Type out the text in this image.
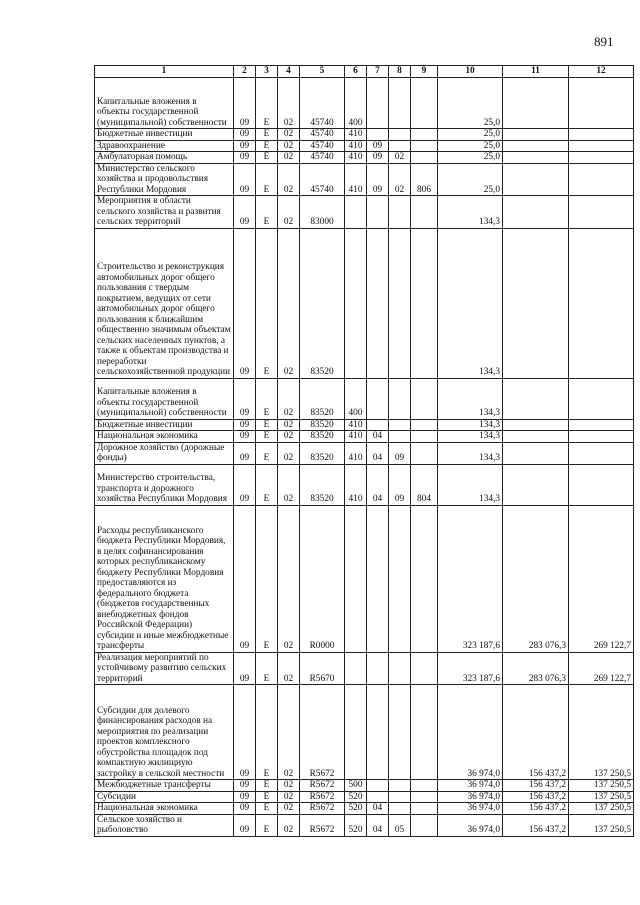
891
1	2	3	4	5	6	7	8	9	10	11	12
Капитальные вложения в объекты государственной (муниципальной) собственности	09	Е	02	45740	400				25,0		
Бюджетные инвестиции	09	Е	02	45740	410				25,0		
Здравоохранение	09	Е	02	45740	410	09			25,0		
Амбулаторная помощь	09	Е	02	45740	410	09	02		25,0		
Министерство сельского хозяйства и продовольствия Республики Мордовия	09	Е	02	45740	410	09	02	806	25,0		
Мероприятия в области сельского хозяйства и развития сельских территорий	09	Е	02	83000					134,3		
Строительство и реконструкция автомобильных дорог общего пользования с твердым покрытием, ведущих от сети автомобильных дорог общего пользования к ближайшим общественно значимым объектам сельских населенных пунктов, а также к объектам производства и переработки сельскохозяйственной продукции	09	Е	02	83520					134,3		
Капитальные вложения в объекты государственной (муниципальной) собственности	09	Е	02	83520	400				134,3		
Бюджетные инвестиции	09	Е	02	83520	410				134,3		
Национальная экономика	09	Е	02	83520	410	04			134,3		
Дорожное хозяйство (дорожные фонды)	09	Е	02	83520	410	04	09		134,3		
Министерство строительства, транспорта и дорожного хозяйства Республики Мордовия	09	Е	02	83520	410	04	09	804	134,3		
Расходы республиканского бюджета Республики Мордовия, в целях софинансирования которых республиканскому бюджету Республики Мордовия предоставляются из федерального бюджета (бюджетов государственных внебюджетных фондов Российской Федерации) субсидии и иные межбюджетные трансферты	09	Е	02	R0000					323 187,6	283 076,3	269 122,7
Реализация мероприятий по устойчивому развитию сельских территорий	09	Е	02	R5670					323 187,6	283 076,3	269 122,7
Субсидии для долевого финансирования расходов на мероприятия по реализации проектов комплексного обустройства площадок под компактную жилищную застройку в сельской местности	09	Е	02	R5672					36 974,0	156 437,2	137 250,5
Межбюджетные трансферты	09	Е	02	R5672	500				36 974,0	156 437,2	137 250,5
Субсидии	09	Е	02	R5672	520				36 974,0	156 437,2	137 250,5
Национальная экономика	09	Е	02	R5672	520	04			36 974,0	156 437,2	137 250,5
Сельское хозяйство и рыболовство	09	Е	02	R5672	520	04	05		36 974,0	156 437,2	137 250,5
